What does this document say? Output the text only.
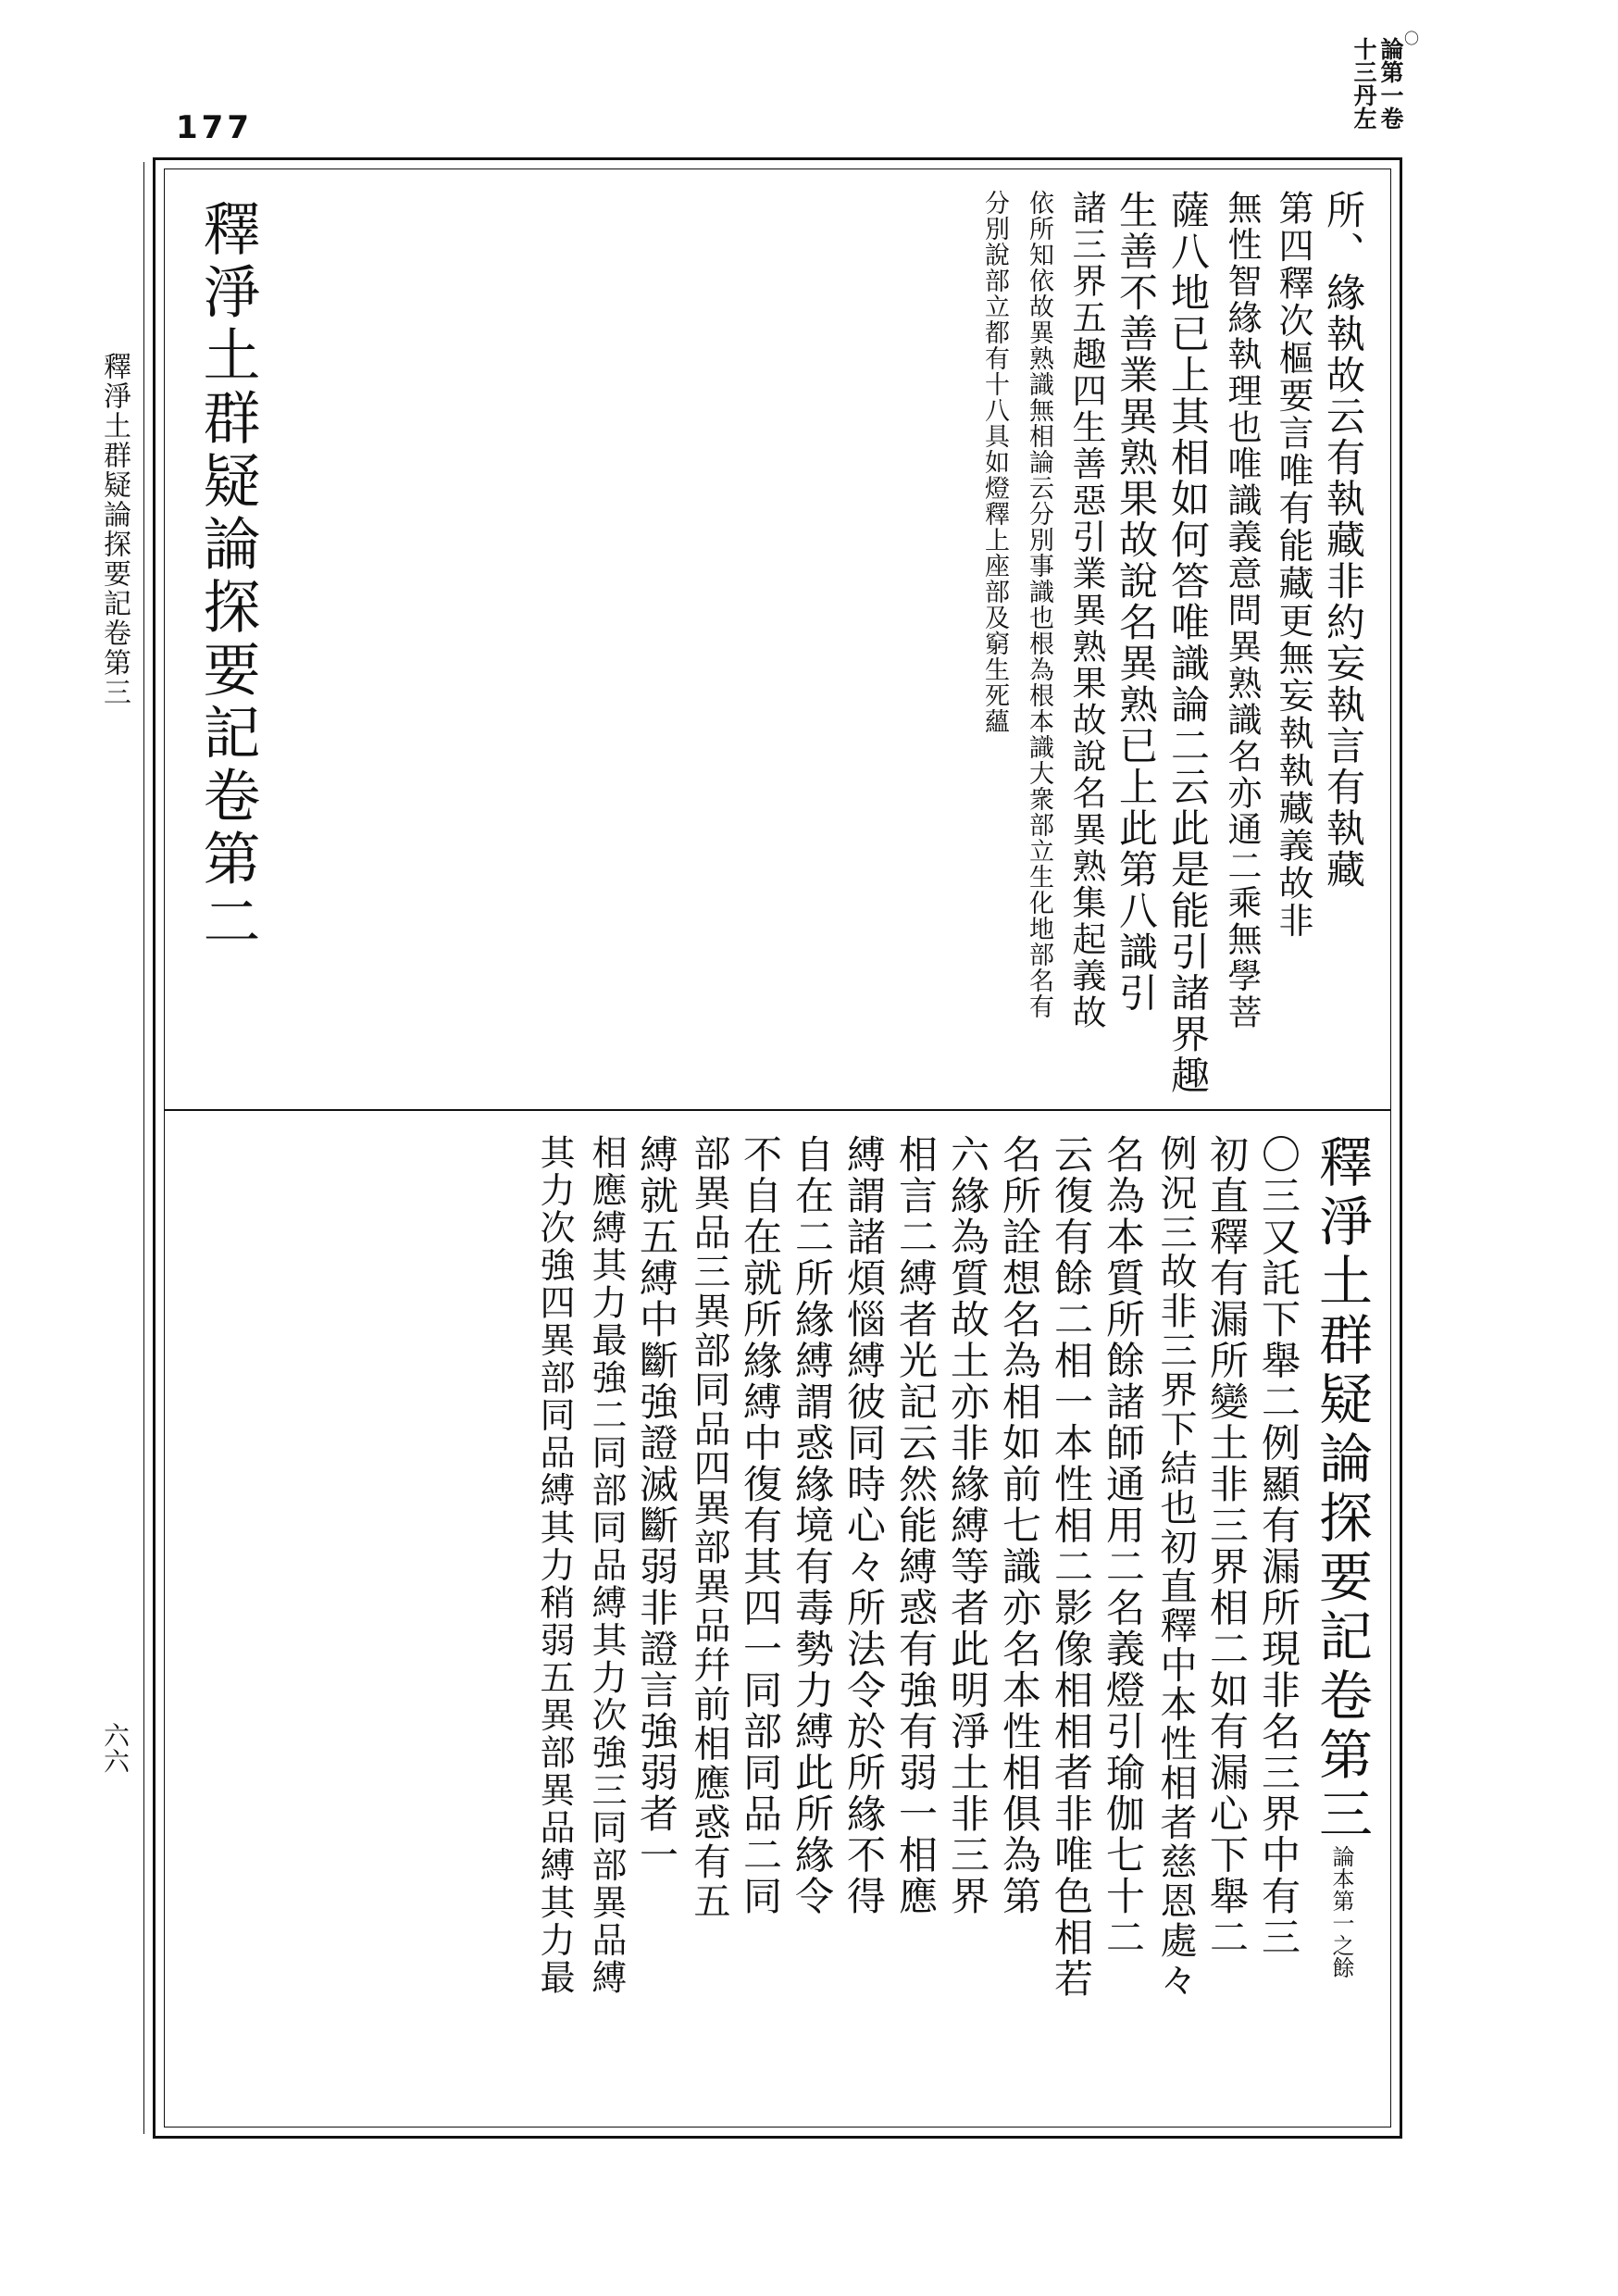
177
〇
論第一卷
十三丹左
釋淨土群疑論探要記卷第三
六六
所、緣執故云有執藏非約妄執言有執藏
第四釋次樞要言唯有能藏更無妄執執藏義故非
無性智緣執理也唯識義意問異熟識名亦通二乘無學菩
薩八地已上其相如何答唯識論二云此是能引諸界趣
生善不善業異熟果故說名異熟已上此第八識引
諸三界五趣四生善惡引業異熟果故說名異熟集起義故
依所知依故異熟識無相論云分別事識也根為根本識大衆部立生化地部名有
分別說部立都有十八具如燈釋上座部及窮生死蘊
釋淨土群疑論探要記卷第二
釋淨土群疑論探要記卷第三論本第一之餘
〇三又託下舉二例顯有漏所現非名三界中有三
初直釋有漏所變土非三界相二如有漏心下舉二
例況三故非三界下結也初直釋中本性相者慈恩處々
名為本質所餘諸師通用二名義燈引瑜伽七十二
云復有餘二相一本性相二影像相相者非唯色相若
名所詮想名為相如前七識亦名本性相俱為第
六緣為質故土亦非緣縛等者此明淨土非三界
相言二縛者光記云然能縛惑有強有弱一相應
縛謂諸煩惱縛彼同時心々所法令於所緣不得
自在二所緣縛謂惑緣境有毒勢力縛此所緣令
不自在就所緣縛中復有其四一同部同品二同
部異品三異部同品四異部異品幷前相應惑有五
縛就五縛中斷強證滅斷弱非證言強弱者一
相應縛其力最強二同部同品縛其力次強三同部異品縛
其力次強四異部同品縛其力稍弱五異部異品縛其力最
